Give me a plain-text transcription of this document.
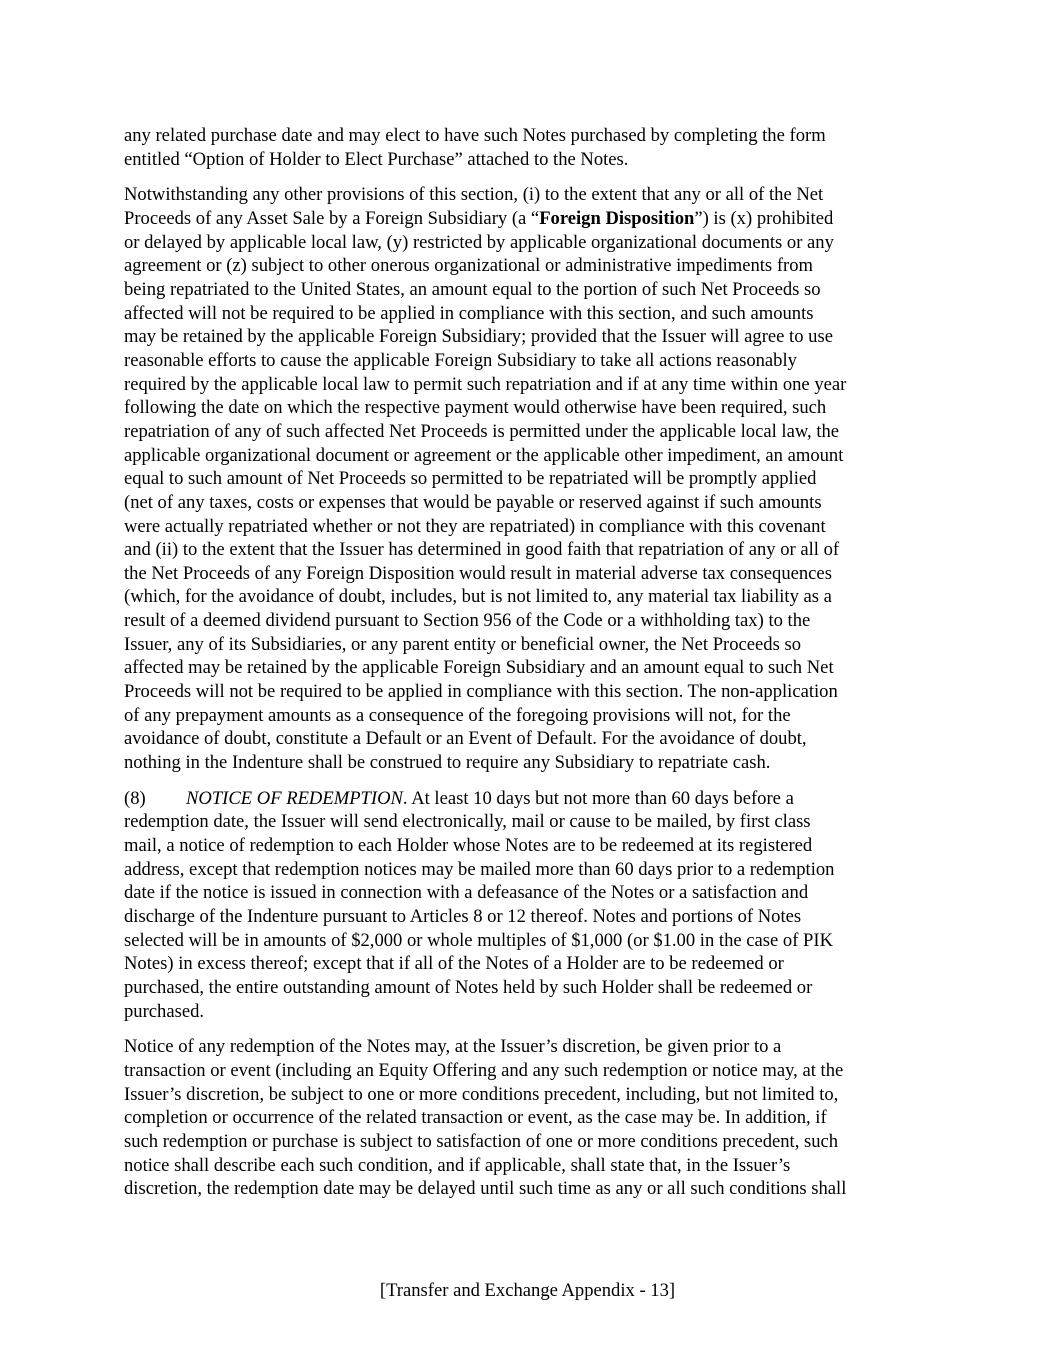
any related purchase date and may elect to have such Notes purchased by completing the form
entitled “Option of Holder to Elect Purchase” attached to the Notes.

Notwithstanding any other provisions of this section, (i) to the extent that any or all of the Net
Proceeds of any Asset Sale by a Foreign Subsidiary (a “Foreign Disposition”) is (x) prohibited
or delayed by applicable local law, (y) restricted by applicable organizational documents or any
agreement or (z) subject to other onerous organizational or administrative impediments from
being repatriated to the United States, an amount equal to the portion of such Net Proceeds so
affected will not be required to be applied in compliance with this section, and such amounts
may be retained by the applicable Foreign Subsidiary; provided that the Issuer will agree to use
reasonable efforts to cause the applicable Foreign Subsidiary to take all actions reasonably
required by the applicable local law to permit such repatriation and if at any time within one year
following the date on which the respective payment would otherwise have been required, such
repatriation of any of such affected Net Proceeds is permitted under the applicable local law, the
applicable organizational document or agreement or the applicable other impediment, an amount
equal to such amount of Net Proceeds so permitted to be repatriated will be promptly applied
(net of any taxes, costs or expenses that would be payable or reserved against if such amounts
were actually repatriated whether or not they are repatriated) in compliance with this covenant
and (ii) to the extent that the Issuer has determined in good faith that repatriation of any or all of
the Net Proceeds of any Foreign Disposition would result in material adverse tax consequences
(which, for the avoidance of doubt, includes, but is not limited to, any material tax liability as a
result of a deemed dividend pursuant to Section 956 of the Code or a withholding tax) to the
Issuer, any of its Subsidiaries, or any parent entity or beneficial owner, the Net Proceeds so
affected may be retained by the applicable Foreign Subsidiary and an amount equal to such Net
Proceeds will not be required to be applied in compliance with this section. The non-application
of any prepayment amounts as a consequence of the foregoing provisions will not, for the
avoidance of doubt, constitute a Default or an Event of Default. For the avoidance of doubt,
nothing in the Indenture shall be construed to require any Subsidiary to repatriate cash.

(8) NOTICE OF REDEMPTION. At least 10 days but not more than 60 days before a
redemption date, the Issuer will send electronically, mail or cause to be mailed, by first class
mail, a notice of redemption to each Holder whose Notes are to be redeemed at its registered
address, except that redemption notices may be mailed more than 60 days prior to a redemption
date if the notice is issued in connection with a defeasance of the Notes or a satisfaction and
discharge of the Indenture pursuant to Articles 8 or 12 thereof. Notes and portions of Notes
selected will be in amounts of $2,000 or whole multiples of $1,000 (or $1.00 in the case of PIK
Notes) in excess thereof; except that if all of the Notes of a Holder are to be redeemed or
purchased, the entire outstanding amount of Notes held by such Holder shall be redeemed or
purchased.

Notice of any redemption of the Notes may, at the Issuer’s discretion, be given prior to a
transaction or event (including an Equity Offering and any such redemption or notice may, at the
Issuer’s discretion, be subject to one or more conditions precedent, including, but not limited to,
completion or occurrence of the related transaction or event, as the case may be. In addition, if
such redemption or purchase is subject to satisfaction of one or more conditions precedent, such
notice shall describe each such condition, and if applicable, shall state that, in the Issuer’s
discretion, the redemption date may be delayed until such time as any or all such conditions shall

[Transfer and Exchange Appendix - 13]
